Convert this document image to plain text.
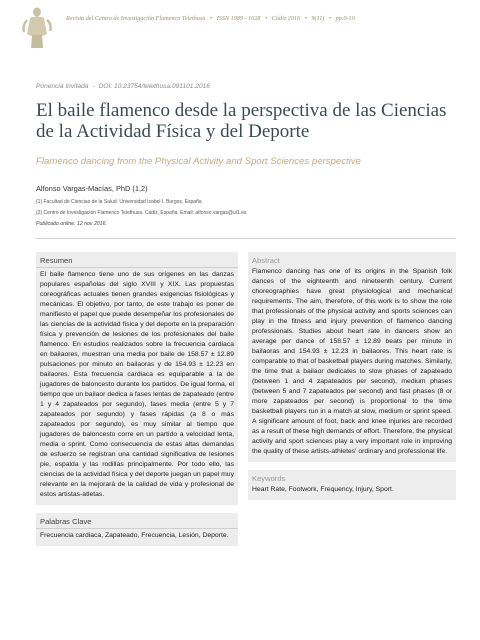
Revista del Centro de Investigación Flamenco Telethusa • ISSN 1989 - 1628 • Cádiz 2016 • 9(11) • pp.0-10
Ponencia Invitada - DOI: 10.23754/telethusa.091101.2016
El baile flamenco desde la perspectiva de las Ciencias de la Actividad Física y del Deporte

Flamenco dancing from the Physical Activity and Sport Sciences perspective

Alfonso Vargas-Macías, PhD (1,2)
(1) Facultad de Ciencias de la Salud. Universidad Isabel I. Burgos, España
(2) Centro de Investigación Flamenco Telethusa. Cádiz, España. Email: alfonso.vargas@ui1.es
Publicado online: 12 nov 2016.
Resumen
El baile flamenco tiene uno de sus orígenes en las danzas populares españolas del siglo XVIII y XIX. Las propuestas coreográficas actuales tienen grandes exigencias fisiológicas y mecánicas. El objetivo, por tanto, de este trabajo es poner de manifiesto el papel que puede desempeñar los profesionales de las ciencias de la actividad física y del deporte en la preparación física y prevención de lesiones de los profesionales del baile flamenco. En estudios realizados sobre la frecuencia cardiaca en bailaores, muestran una media por baile de 158.57 ± 12.89 pulsaciones por minuto en bailaoras y de 154.93 ± 12.23 en bailaores. Esta frecuencia cardiaca es equiparable a la de jugadores de baloncesto durante los partidos. De igual forma, el tiempo que un bailaor dedica a fases lentas de zapateado (entre 1 y 4 zapateados por segundo), fases media (entre 5 y 7 zapateados por segundo) y fases rápidas (a 8 o más zapateados por segundo), es muy similar al tiempo que jugadores de baloncesto corre en un partido a velocidad lenta, media o sprint. Como consecuencia de estas altas demandas de esfuerzo se registran una cantidad significativa de lesiones pie, espalda y las rodillas principalmente. Por todo ello, las ciencias de la actividad física y del deporte juegan un papel muy relevante en la mejorará de la calidad de vida y profesional de estos artistas-atletas.
Palabras Clave
Frecuencia cardiaca, Zapateado, Frecuencia, Lesión, Deporte.
Abstract
Flamenco dancing has one of its origins in the Spanish folk dances of the eighteenth and nineteenth century. Current choreographies have great physiological and mechanical requirements. The aim, therefore, of this work is to show the role that professionals of the physical activity and sports sciences can play in the fitness and injury prevention of flamenco dancing professionals. Studies about heart rate in dancers show an average per dance of 158.57 ± 12.89 beats per minute in bailaoras and 154.93 ± 12.23 in bailaores. This heart rate is comparable to that of basketball players during matches. Similarly, the time that a bailaor dedicates to slow phases of zapateado (between 1 and 4 zapateados per second), medium phases (between 5 and 7 zapateados per second) and fast phases (8 or more zapateados per second) is proportional to the time basketball players run in a match at slow, medium or sprint speed. A significant amount of foot, back and knee injuries are recorded as a result of these high demands of effort. Therefore, the physical activity and sport sciences play a very important role in improving the quality of these artists-athletes' ordinary and professional life.
Keywords
Heart Rate, Footwork, Frequency, Injury, Sport.
